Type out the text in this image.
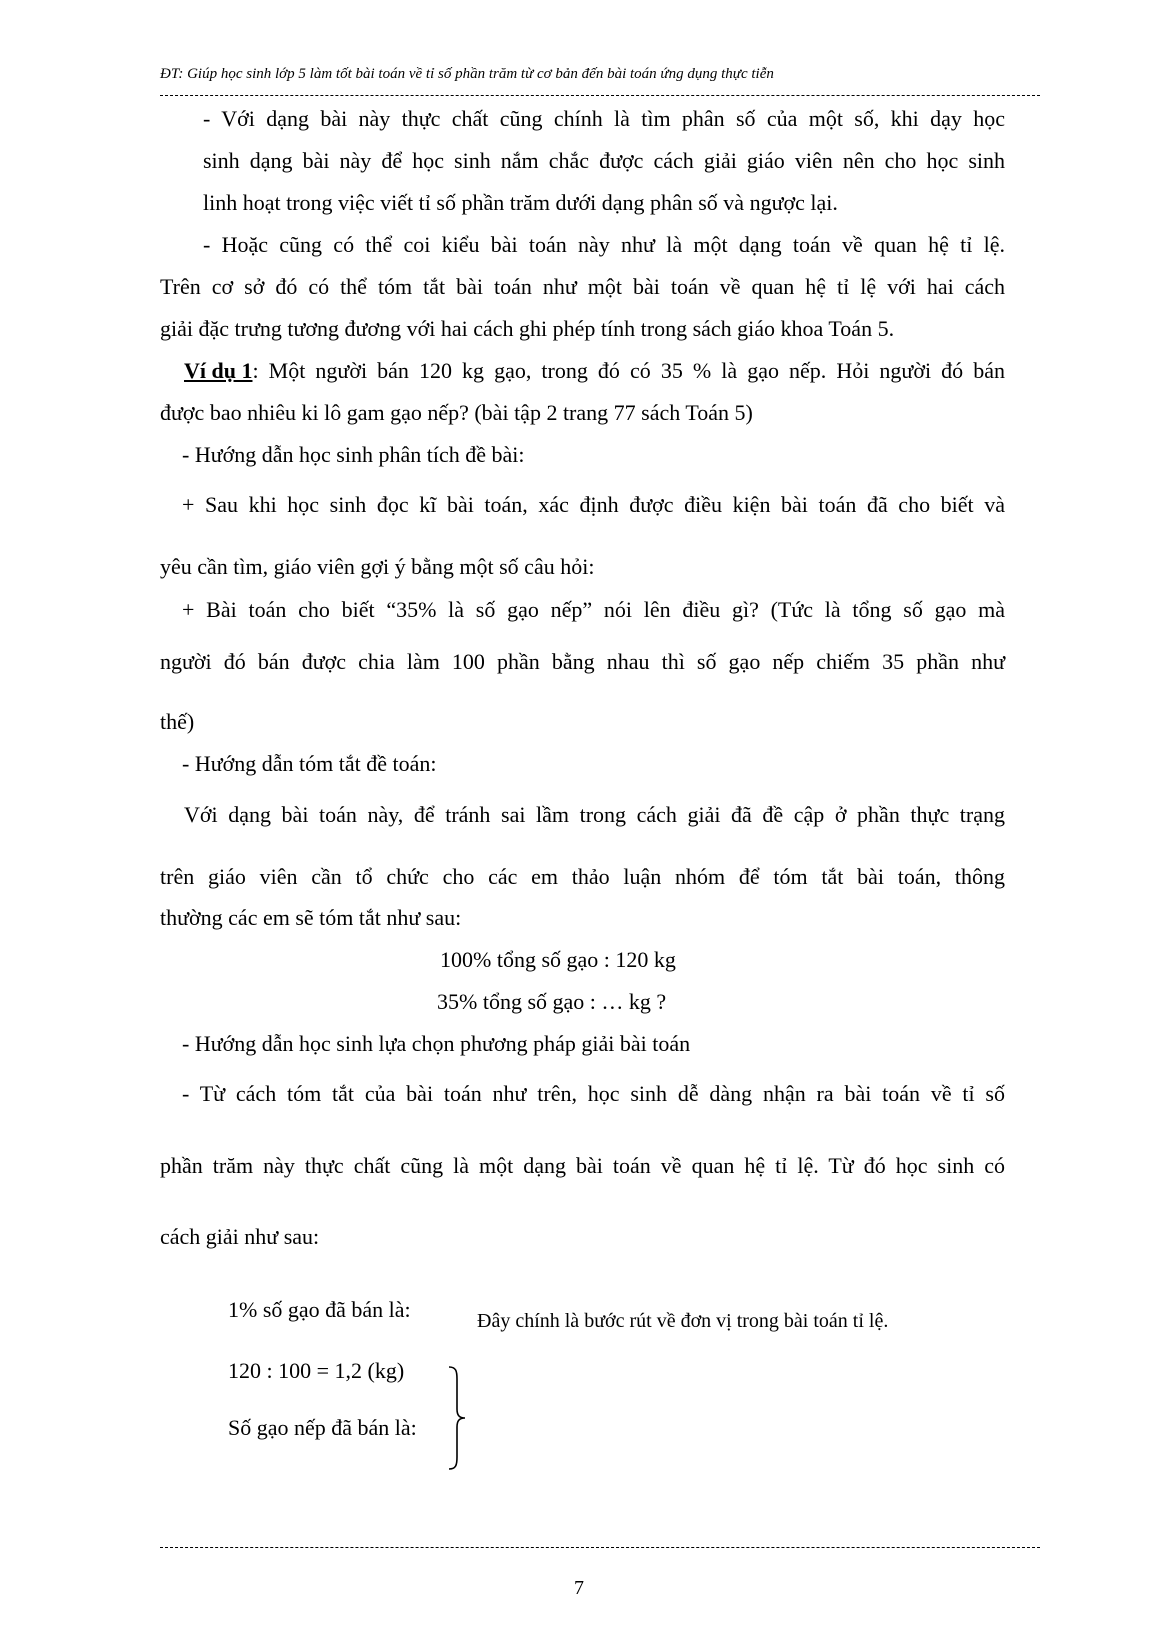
ĐT: Giúp học sinh lớp 5 làm tốt bài toán về tỉ số phần trăm từ cơ bản đến bài toán ứng dụng thực tiễn
- Với dạng bài này thực chất cũng chính là tìm phân số của một số, khi dạy học
sinh dạng bài này để học sinh nắm chắc được cách giải giáo viên nên cho học sinh
linh hoạt trong việc viết tỉ số phần trăm dưới dạng phân số và ngược lại.
- Hoặc cũng có thể coi kiểu bài toán này như là một dạng toán về quan hệ tỉ lệ.
Trên cơ sở đó có thể tóm tắt bài toán như một bài toán về quan hệ tỉ lệ với hai cách
giải đặc trưng tương đương với hai cách ghi phép tính trong sách giáo khoa Toán 5.
Ví dụ 1 : Một người bán 120 kg gạo, trong đó có 35 % là gạo nếp. Hỏi người đó bán
được bao nhiêu ki lô gam gạo nếp? (bài tập 2 trang 77 sách Toán 5)
- Hướng dẫn học sinh phân tích đề bài:
+ Sau khi học sinh đọc kĩ bài toán, xác định được điều kiện bài toán đã cho biết và
yêu cần tìm, giáo viên gợi ý bằng một số câu hỏi:
+ Bài toán cho biết “35% là số gạo nếp” nói lên điều gì? (Tức là tổng số gạo mà
người đó bán được chia làm 100 phần bằng nhau thì số gạo nếp chiếm 35 phần như
thế)
- Hướng dẫn tóm tắt đề toán:
Với dạng bài toán này, để tránh sai lầm trong cách giải đã đề cập ở phần thực trạng
trên giáo viên cần tổ chức cho các em thảo luận nhóm để tóm tắt bài toán, thông
thường các em sẽ tóm tắt như sau:
100% tổng số gạo : 120 kg
35% tổng số gạo : … kg ?
- Hướng dẫn học sinh lựa chọn phương pháp giải bài toán
- Từ cách tóm tắt của bài toán như trên, học sinh dễ dàng nhận ra bài toán về tỉ số
phần trăm này thực chất cũng là một dạng bài toán về quan hệ tỉ lệ. Từ đó học sinh có
cách giải như sau:
1% số gạo đã bán là:
120 : 100 = 1,2 (kg)
Đây chính là bước rút về đơn vị trong bài toán tỉ lệ.
Số gạo nếp đã bán là:
7
